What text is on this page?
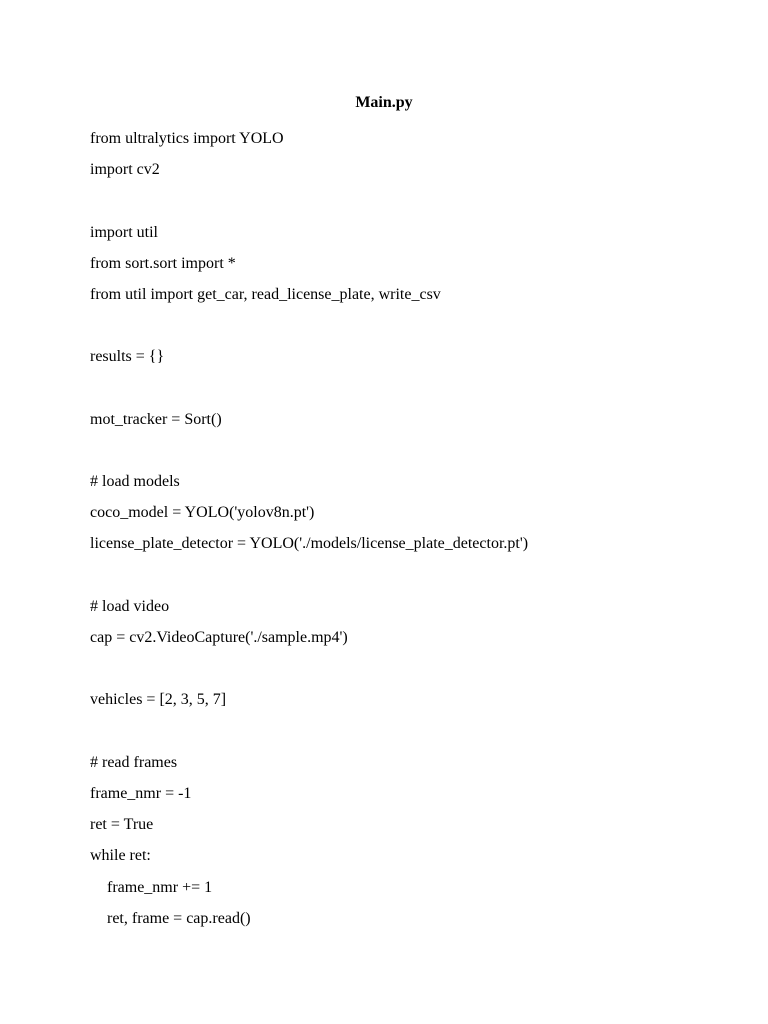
Main.py
from ultralytics import YOLO
import cv2
import util
from sort.sort import *
from util import get_car, read_license_plate, write_csv
results = {}
mot_tracker = Sort()
# load models
coco_model = YOLO('yolov8n.pt')
license_plate_detector = YOLO('./models/license_plate_detector.pt')
# load video
cap = cv2.VideoCapture('./sample.mp4')
vehicles = [2, 3, 5, 7]
# read frames
frame_nmr = -1
ret = True
while ret:
frame_nmr += 1
ret, frame = cap.read()
